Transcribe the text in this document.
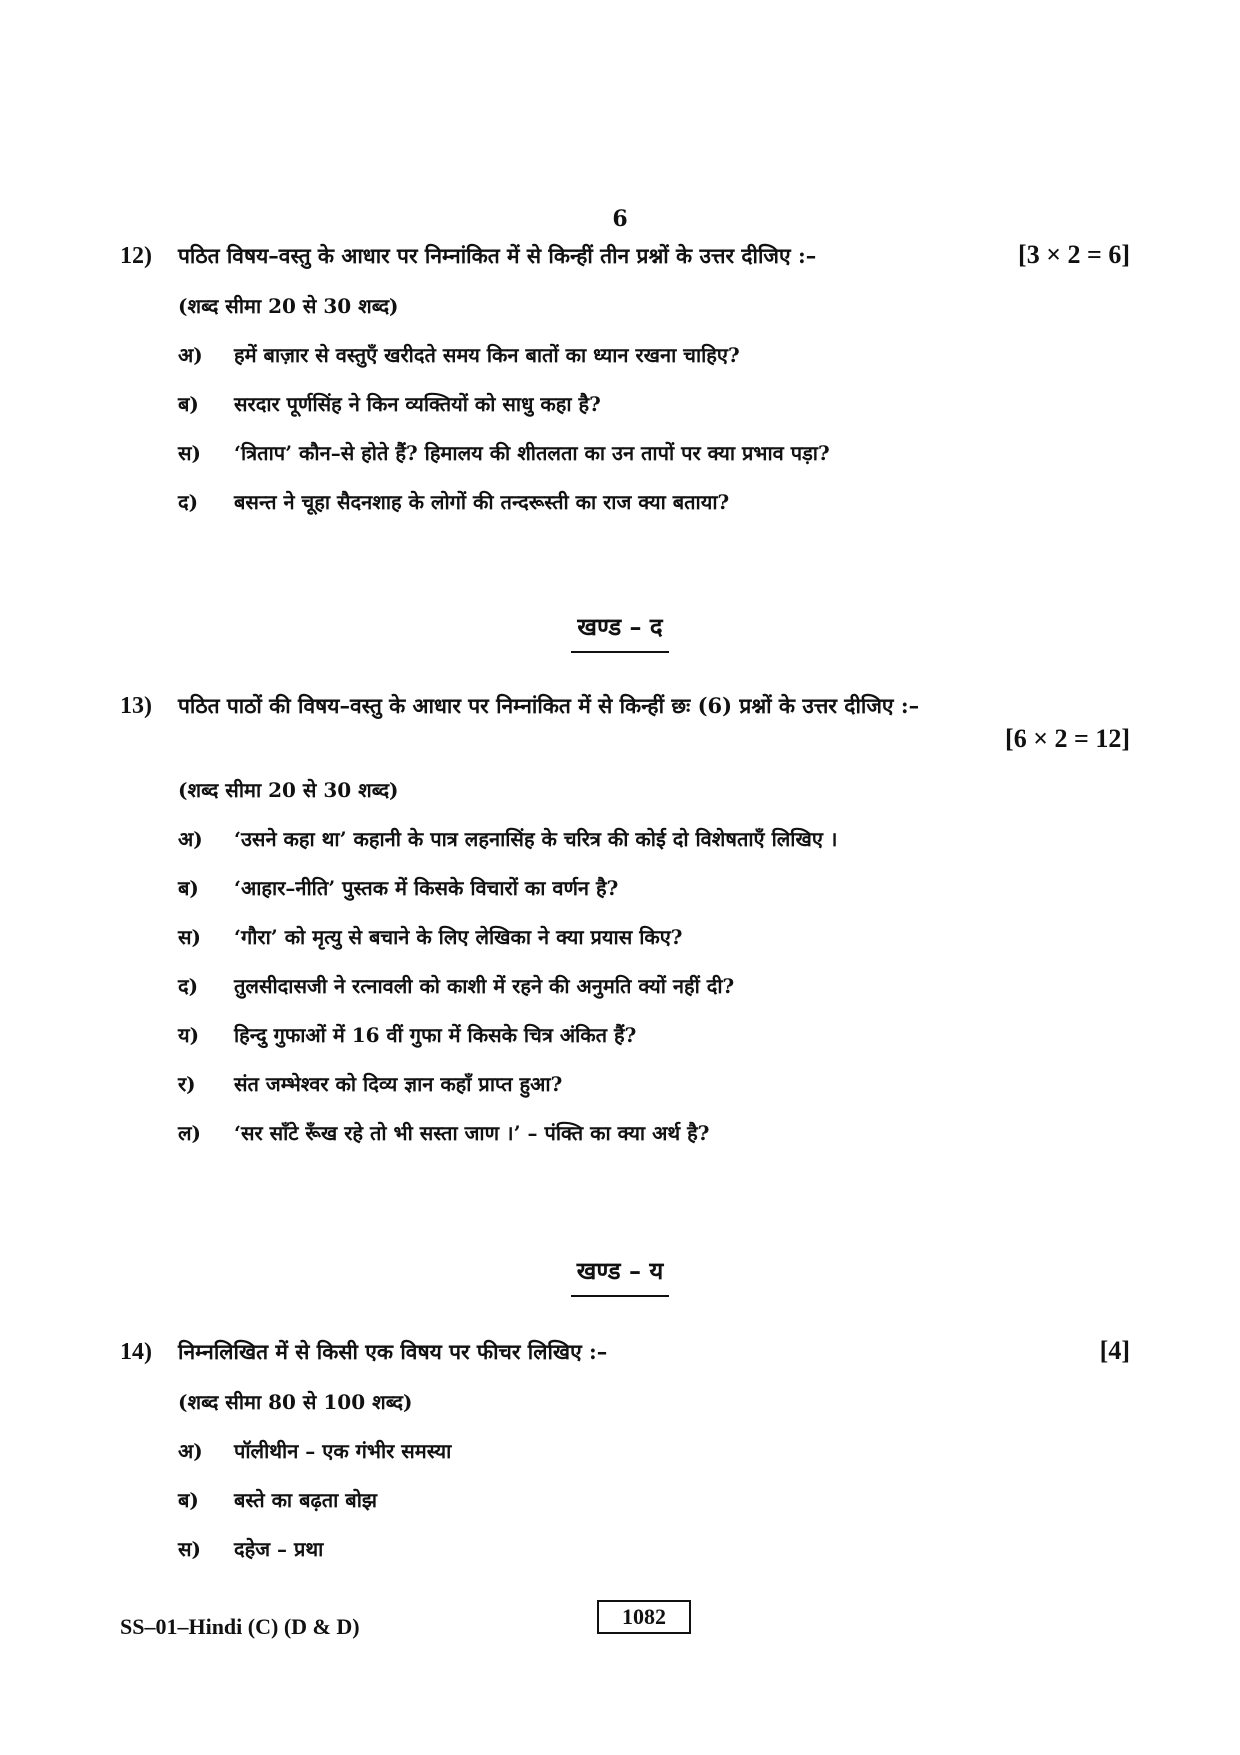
6
12)	पठित विषय–वस्तु के आधार पर निम्नांकित में से किन्हीं तीन प्रश्नों के उत्तर दीजिए :–	[3 × 2 = 6]
(शब्द सीमा 20 से 30 शब्द)
अ)	हमें बाज़ार से वस्तुएँ खरीदते समय किन बातों का ध्यान रखना चाहिए?
ब)	सरदार पूर्णसिंह ने किन व्यक्तियों को साधु कहा है?
स)	‘त्रिताप’ कौन–से होते हैं? हिमालय की शीतलता का उन तापों पर क्या प्रभाव पड़ा?
द)	बसन्त ने चूहा सैदनशाह के लोगों की तन्दरूस्ती का राज क्या बताया?
खण्ड – द
13)	पठित पाठों की विषय–वस्तु के आधार पर निम्नांकित में से किन्हीं छः (6) प्रश्नों के उत्तर दीजिए :–
[6 × 2 = 12]
(शब्द सीमा 20 से 30 शब्द)
अ)	‘उसने कहा था’ कहानी के पात्र लहनासिंह के चरित्र की कोई दो विशेषताएँ लिखिए ।
ब)	‘आहार–नीति’ पुस्तक में किसके विचारों का वर्णन है?
स)	‘गौरा’ को मृत्यु से बचाने के लिए लेखिका ने क्या प्रयास किए?
द)	तुलसीदासजी ने रत्नावली को काशी में रहने की अनुमति क्यों नहीं दी?
य)	हिन्दु गुफाओं में 16 वीं गुफा में किसके चित्र अंकित हैं?
र)	संत जम्भेश्वर को दिव्य ज्ञान कहाँ प्राप्त हुआ?
ल)	‘सर साँटे रूँख रहे तो भी सस्ता जाण ।’ – पंक्ति का क्या अर्थ है?
खण्ड – य
14)	निम्नलिखित में से किसी एक विषय पर फीचर लिखिए :–	[4]
(शब्द सीमा 80 से 100 शब्द)
अ)	पॉलीथीन – एक गंभीर समस्या
ब)	बस्ते का बढ़ता बोझ
स)	दहेज – प्रथा
SS–01–Hindi (C) (D & D)	1082
